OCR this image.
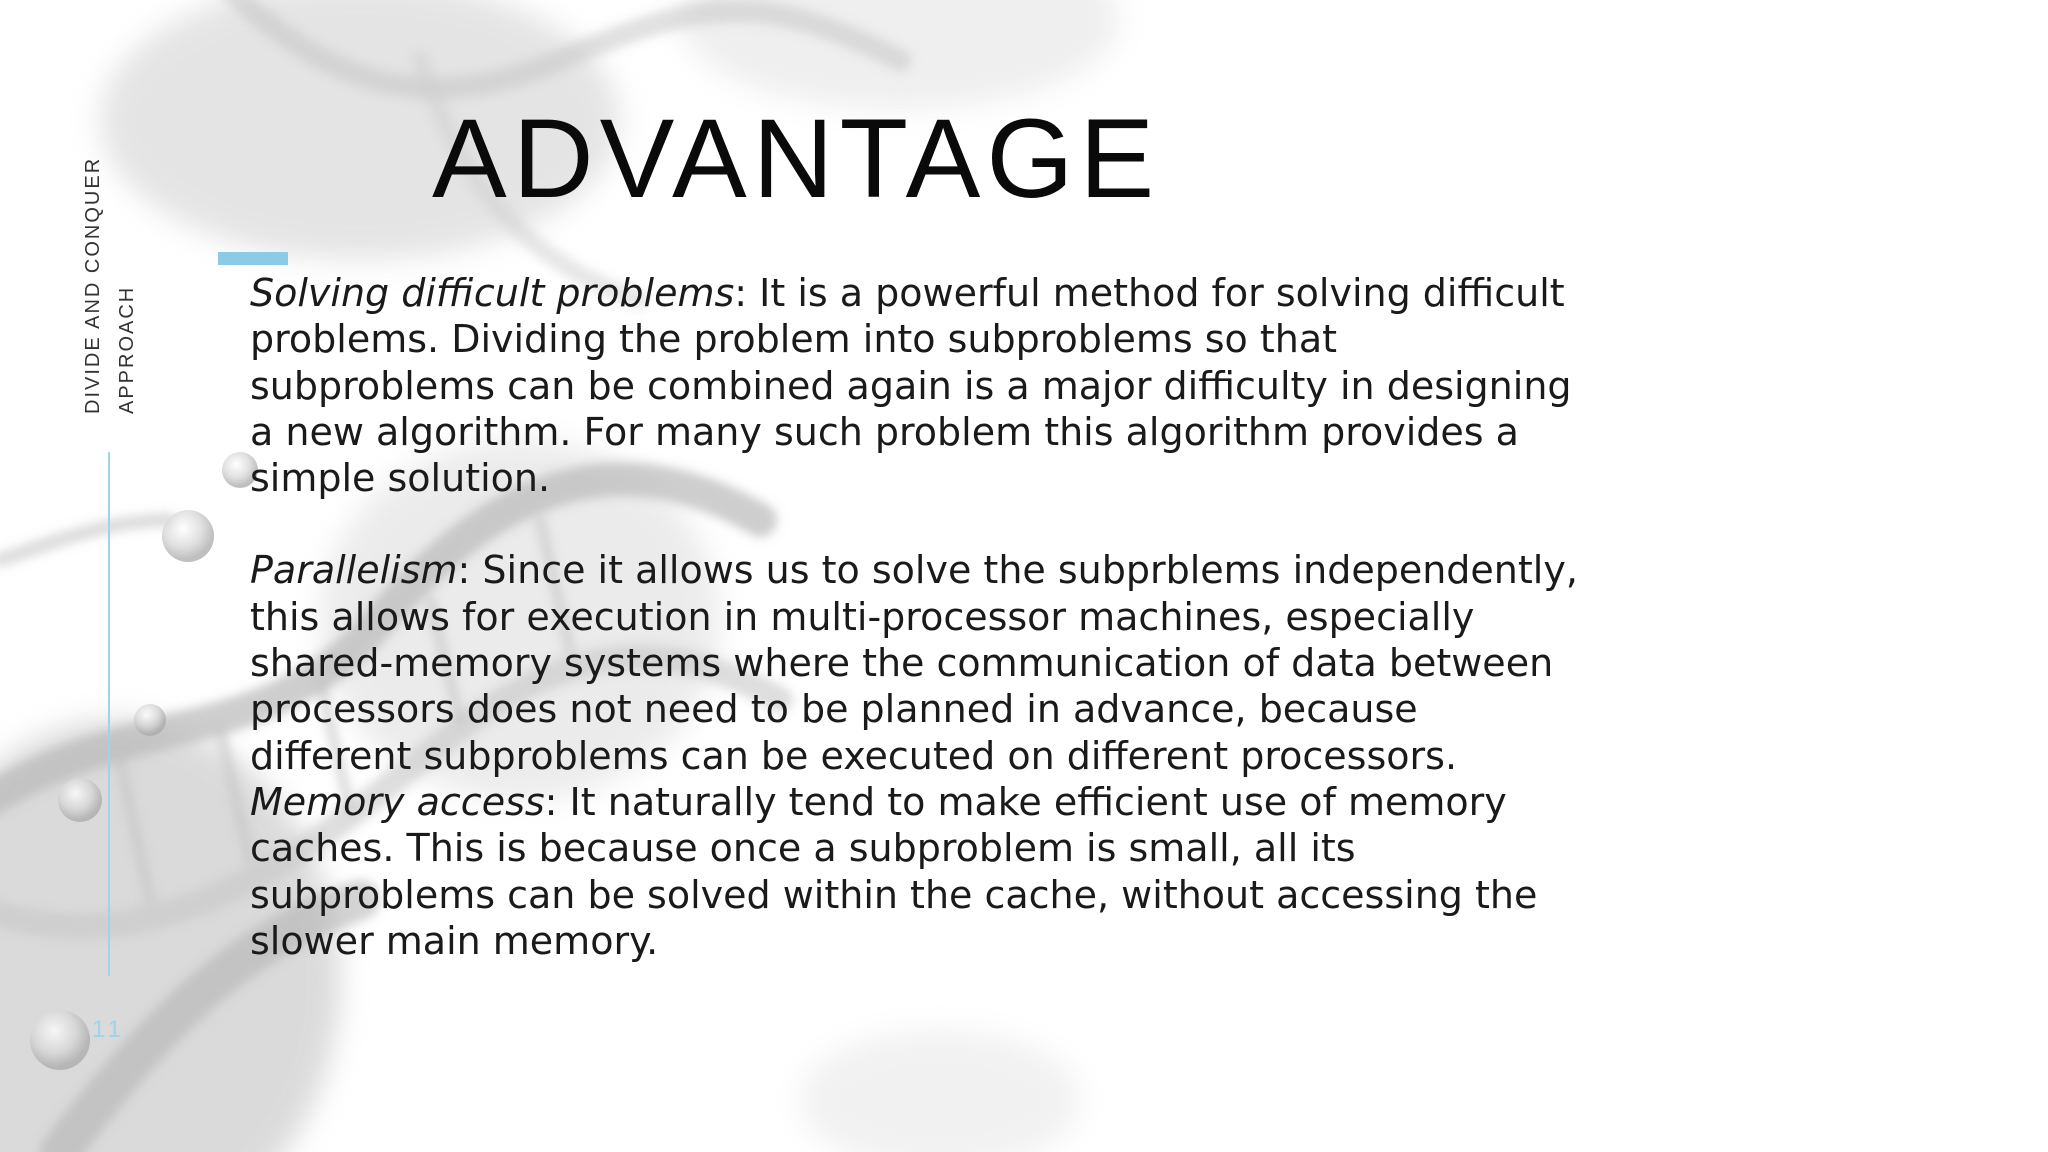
DIVIDE AND CONQUER APPROACH
11
ADVANTAGE

Solving difficult problems: It is a powerful method for solving difficult problems. Dividing the problem into subproblems so that subproblems can be combined again is a major difficulty in designing a new algorithm. For many such problem this algorithm provides a simple solution.

Parallelism: Since it allows us to solve the subprblems independently, this allows for execution in multi-processor machines, especially shared-memory systems where the communication of data between processors does not need to be planned in advance, because different subproblems can be executed on different processors.

Memory access: It naturally tend to make efficient use of memory caches. This is because once a subproblem is small, all its subproblems can be solved within the cache, without accessing the slower main memory.
